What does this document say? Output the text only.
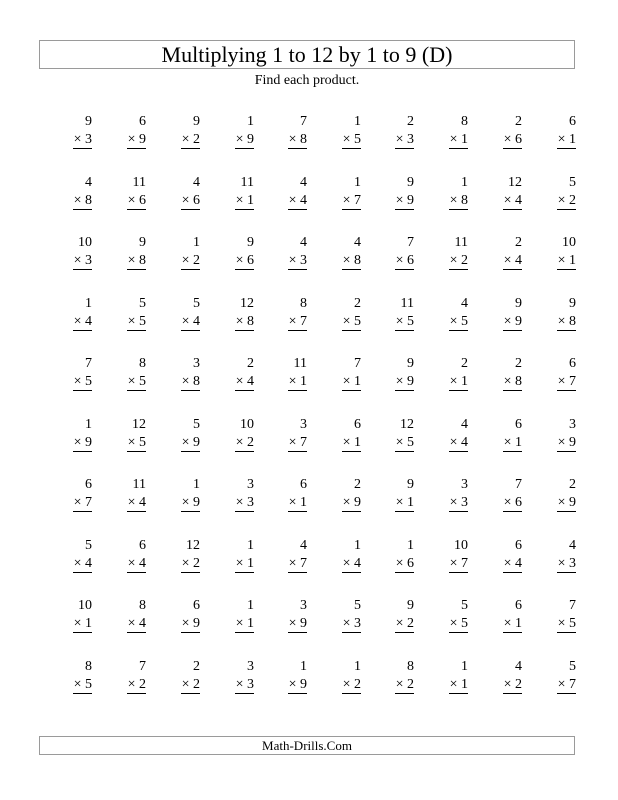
Multiplying 1 to 12 by 1 to 9 (D)
Find each product.
9
× 3
6
× 9
9
× 2
1
× 9
7
× 8
1
× 5
2
× 3
8
× 1
2
× 6
6
× 1
4
× 8
11
× 6
4
× 6
11
× 1
4
× 4
1
× 7
9
× 9
1
× 8
12
× 4
5
× 2
10
× 3
9
× 8
1
× 2
9
× 6
4
× 3
4
× 8
7
× 6
11
× 2
2
× 4
10
× 1
1
× 4
5
× 5
5
× 4
12
× 8
8
× 7
2
× 5
11
× 5
4
× 5
9
× 9
9
× 8
7
× 5
8
× 5
3
× 8
2
× 4
11
× 1
7
× 1
9
× 9
2
× 1
2
× 8
6
× 7
1
× 9
12
× 5
5
× 9
10
× 2
3
× 7
6
× 1
12
× 5
4
× 4
6
× 1
3
× 9
6
× 7
11
× 4
1
× 9
3
× 3
6
× 1
2
× 9
9
× 1
3
× 3
7
× 6
2
× 9
5
× 4
6
× 4
12
× 2
1
× 1
4
× 7
1
× 4
1
× 6
10
× 7
6
× 4
4
× 3
10
× 1
8
× 4
6
× 9
1
× 1
3
× 9
5
× 3
9
× 2
5
× 5
6
× 1
7
× 5
8
× 5
7
× 2
2
× 2
3
× 3
1
× 9
1
× 2
8
× 2
1
× 1
4
× 2
5
× 7
Math-Drills.Com
